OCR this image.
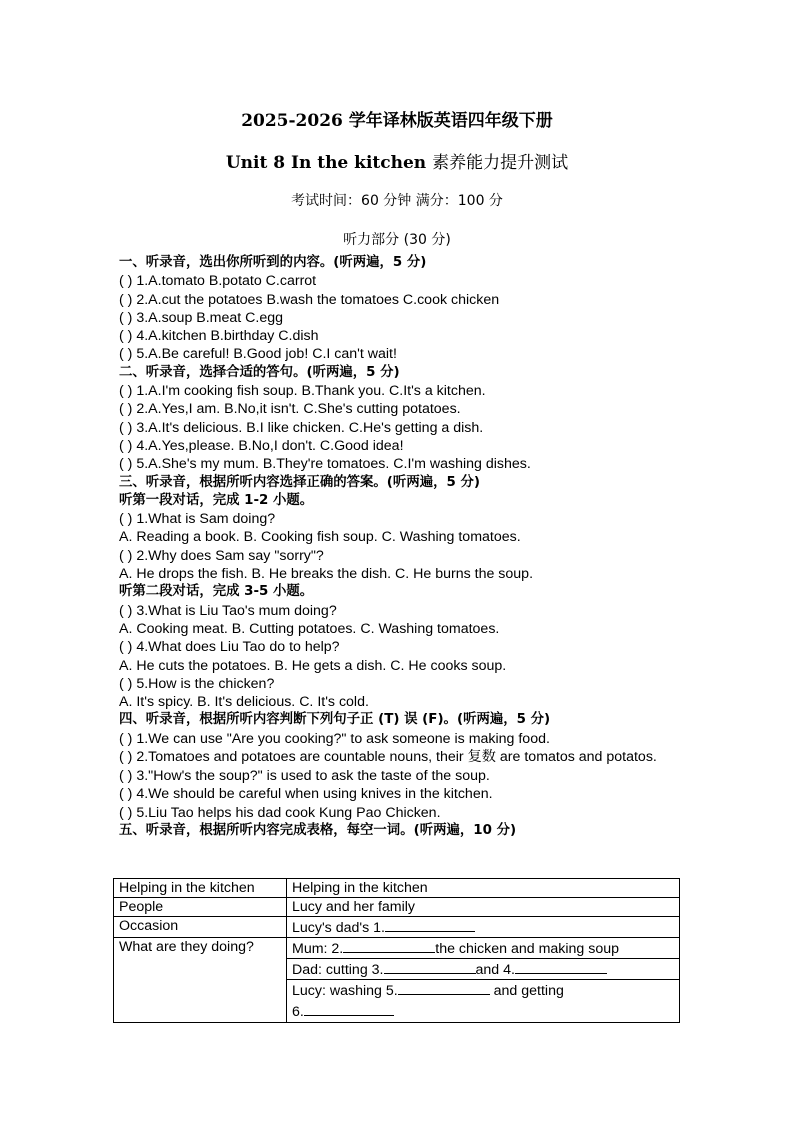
2025-2026 学年译林版英语四年级下册
Unit 8 In the kitchen 素养能力提升测试
考试时间：60 分钟 满分：100 分
听力部分 (30 分)
一、听录音，选出你所听到的内容。(听两遍，5 分)
( ) 1.A.tomato B.potato C.carrot
( ) 2.A.cut the potatoes B.wash the tomatoes C.cook chicken
( ) 3.A.soup B.meat C.egg
( ) 4.A.kitchen B.birthday C.dish
( ) 5.A.Be careful! B.Good job! C.I can't wait!
二、听录音，选择合适的答句。(听两遍，5 分)
( ) 1.A.I'm cooking fish soup. B.Thank you. C.It's a kitchen.
( ) 2.A.Yes,I am. B.No,it isn't. C.She's cutting potatoes.
( ) 3.A.It's delicious. B.I like chicken. C.He's getting a dish.
( ) 4.A.Yes,please. B.No,I don't. C.Good idea!
( ) 5.A.She's my mum. B.They're tomatoes. C.I'm washing dishes.
三、听录音，根据所听内容选择正确的答案。(听两遍，5 分)
听第一段对话，完成 1-2 小题。
( ) 1.What is Sam doing?
A. Reading a book. B. Cooking fish soup. C. Washing tomatoes.
( ) 2.Why does Sam say "sorry"?
A. He drops the fish. B. He breaks the dish. C. He burns the soup.
听第二段对话，完成 3-5 小题。
( ) 3.What is Liu Tao's mum doing?
A. Cooking meat. B. Cutting potatoes. C. Washing tomatoes.
( ) 4.What does Liu Tao do to help?
A. He cuts the potatoes. B. He gets a dish. C. He cooks soup.
( ) 5.How is the chicken?
A. It's spicy. B. It's delicious. C. It's cold.
四、听录音，根据所听内容判断下列句子正 (T) 误 (F)。(听两遍，5 分)
( ) 1.We can use "Are you cooking?" to ask someone is making food.
( ) 2.Tomatoes and potatoes are countable nouns, their 复数 are tomatos and potatos.
( ) 3."How's the soup?" is used to ask the taste of the soup.
( ) 4.We should be careful when using knives in the kitchen.
( ) 5.Liu Tao helps his dad cook Kung Pao Chicken.
五、听录音，根据所听内容完成表格，每空一词。(听两遍，10 分)
Helping in the kitchen	Helping in the kitchen
People	Lucy and her family
Occasion	Lucy's dad's 1.
What are they doing?	Mum: 2. the chicken and making soup
	Dad: cutting 3. and 4.
	Lucy: washing 5. and getting
6.
